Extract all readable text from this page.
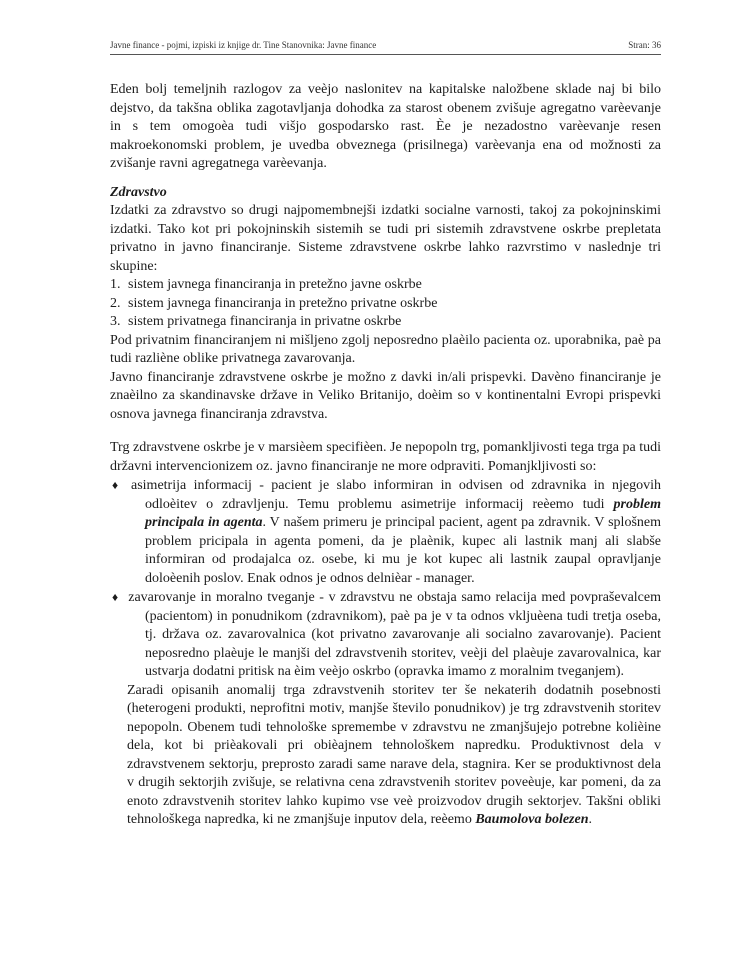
Javne finance - pojmi, izpiski iz knjige dr. Tine Stanovnika: Javne finance	Stran: 36

Eden bolj temeljnih razlogov za veèjo naslonitev na kapitalske naložbene sklade naj bi bilo dejstvo, da takšna oblika zagotavljanja dohodka za starost obenem zvišuje agregatno varèevanje in s tem omogoèa tudi višjo gospodarsko rast. Èe je nezadostno varèevanje resen makroekonomski problem, je uvedba obveznega (prisilnega) varèevanja ena od možnosti za zvišanje ravni agregatnega varèevanja.

Zdravstvo

Izdatki za zdravstvo so drugi najpomembnejši izdatki socialne varnosti, takoj za pokojninskimi izdatki. Tako kot pri pokojninskih sistemih se tudi pri sistemih zdravstvene oskrbe prepletata privatno in javno financiranje. Sisteme zdravstvene oskrbe lahko razvrstimo v naslednje tri skupine:

1. sistem javnega financiranja in pretežno javne oskrbe
2. sistem javnega financiranja in pretežno privatne oskrbe
3. sistem privatnega financiranja in privatne oskrbe

Pod privatnim financiranjem ni mišljeno zgolj neposredno plaèilo pacienta oz. uporabnika, paè pa tudi razliène oblike privatnega zavarovanja.

Javno financiranje zdravstvene oskrbe je možno z davki in/ali prispevki. Davèno financiranje je znaèilno za skandinavske države in Veliko Britanijo, doèim so v kontinentalni Evropi prispevki osnova javnega financiranja zdravstva.

Trg zdravstvene oskrbe je v marsièem specifièen. Je nepopoln trg, pomankljivosti tega trga pa tudi državni intervencionizem oz. javno financiranje ne more odpraviti. Pomanjkljivosti so:

♦ asimetrija informacij - pacient je slabo informiran in odvisen od zdravnika in njegovih odloèitev o zdravljenju. Temu problemu asimetrije informacij reèemo tudi problem principala in agenta. V našem primeru je principal pacient, agent pa zdravnik. V splošnem problem pricipala in agenta pomeni, da je plaènik, kupec ali lastnik manj ali slabše informiran od prodajalca oz. osebe, ki mu je kot kupec ali lastnik zaupal opravljanje doloèenih poslov. Enak odnos je odnos delnièar - manager.
♦ zavarovanje in moralno tveganje - v zdravstvu ne obstaja samo relacija med povpraševalcem (pacientom) in ponudnikom (zdravnikom), paè pa je v ta odnos vkljuèena tudi tretja oseba, tj. država oz. zavarovalnica (kot privatno zavarovanje ali socialno zavarovanje). Pacient neposredno plaèuje le manjši del zdravstvenih storitev, veèji del plaèuje zavarovalnica, kar ustvarja dodatni pritisk na èim veèjo oskrbo (opravka imamo z moralnim tveganjem).

Zaradi opisanih anomalij trga zdravstvenih storitev ter še nekaterih dodatnih posebnosti (heterogeni produkti, neprofitni motiv, manjše število ponudnikov) je trg zdravstvenih storitev nepopoln. Obenem tudi tehnološke spremembe v zdravstvu ne zmanjšujejo potrebne kolièine dela, kot bi prièakovali pri obièajnem tehnološkem napredku. Produktivnost dela v zdravstvenem sektorju, preprosto zaradi same narave dela, stagnira. Ker se produktivnost dela v drugih sektorjih zvišuje, se relativna cena zdravstvenih storitev poveèuje, kar pomeni, da za enoto zdravstvenih storitev lahko kupimo vse veè proizvodov drugih sektorjev. Takšni obliki tehnološkega napredka, ki ne zmanjšuje inputov dela, reèemo Baumolova bolezen.
